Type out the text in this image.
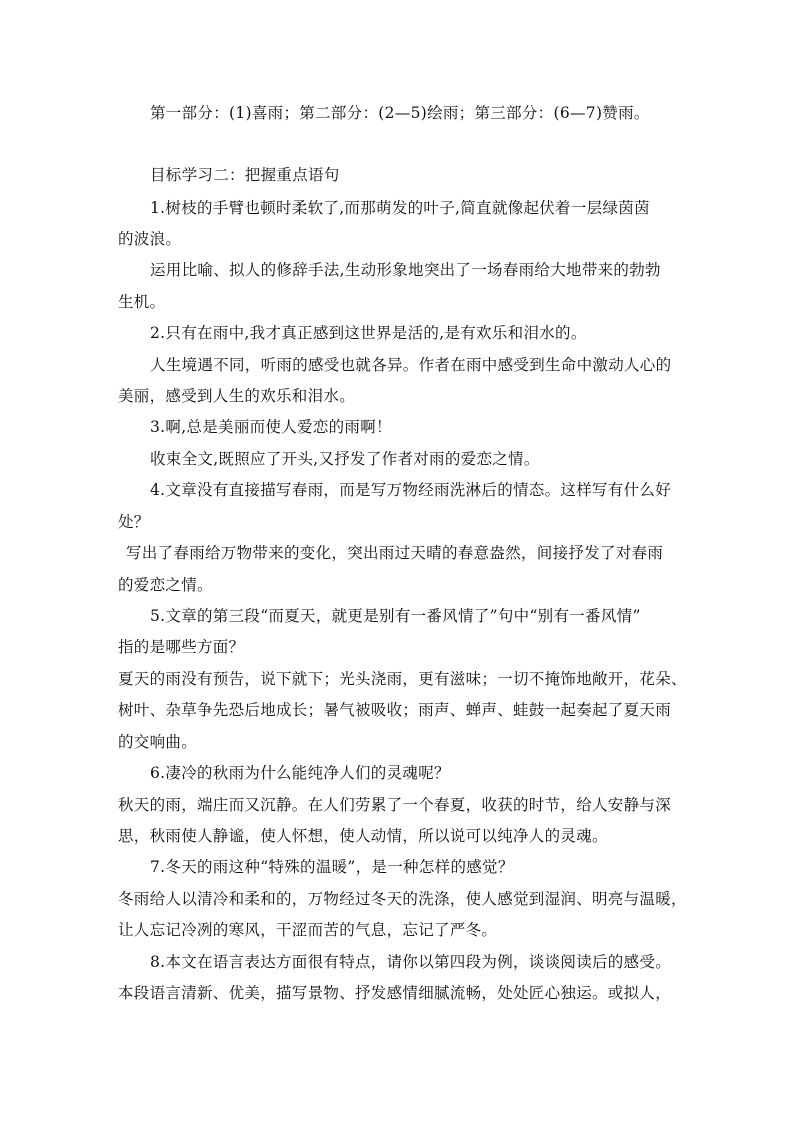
第一部分：(1)喜雨；第二部分：(2—5)绘雨；第三部分：(6—7)赞雨。
目标学习二：把握重点语句
1.树枝的手臂也顿时柔软了,而那萌发的叶子,简直就像起伏着一层绿茵茵
的波浪。
运用比喻、拟人的修辞手法,生动形象地突出了一场春雨给大地带来的勃勃
生机。
2.只有在雨中,我才真正感到这世界是活的,是有欢乐和泪水的。
人生境遇不同，听雨的感受也就各异。作者在雨中感受到生命中激动人心的
美丽，感受到人生的欢乐和泪水。
3.啊,总是美丽而使人爱恋的雨啊！
收束全文,既照应了开头,又抒发了作者对雨的爱恋之情。
4.文章没有直接描写春雨，而是写万物经雨洗淋后的情态。这样写有什么好
处？
写出了春雨给万物带来的变化，突出雨过天晴的春意盎然，间接抒发了对春雨
的爱恋之情。
5.文章的第三段“而夏天，就更是别有一番风情了”句中“别有一番风情”
指的是哪些方面？
夏天的雨没有预告，说下就下；光头浇雨，更有滋味；一切不掩饰地敞开，花朵、
树叶、杂草争先恐后地成长；暑气被吸收；雨声、蝉声、蛙鼓一起奏起了夏天雨
的交响曲。
6.凄冷的秋雨为什么能纯净人们的灵魂呢？
秋天的雨，端庄而又沉静。在人们劳累了一个春夏，收获的时节，给人安静与深
思，秋雨使人静谧，使人怀想，使人动情，所以说可以纯净人的灵魂。
7.冬天的雨这种“特殊的温暖”，是一种怎样的感觉？
冬雨给人以清冷和柔和的，万物经过冬天的洗涤，使人感觉到湿润、明亮与温暖，
让人忘记冷冽的寒风，干涩而苦的气息，忘记了严冬。
8.本文在语言表达方面很有特点，请你以第四段为例，谈谈阅读后的感受。
本段语言清新、优美，描写景物、抒发感情细腻流畅，处处匠心独运。或拟人，
